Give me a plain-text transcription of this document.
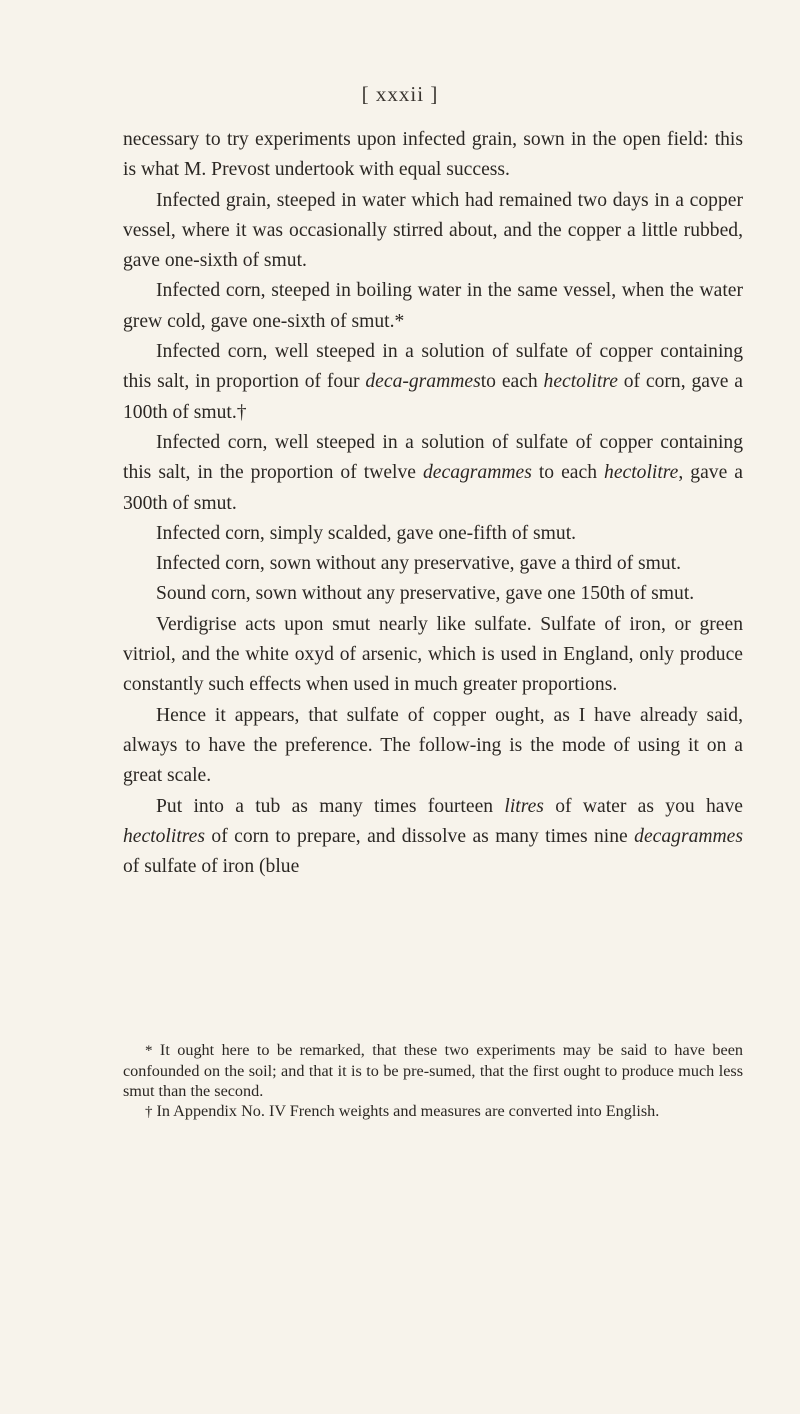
[ xxxii ]

necessary to try experiments upon infected grain, sown in the open field: this is what M. Prevost undertook with equal success.

Infected grain, steeped in water which had remained two days in a copper vessel, where it was occasionally stirred about, and the copper a little rubbed, gave one-sixth of smut.

Infected corn, steeped in boiling water in the same vessel, when the water grew cold, gave one-sixth of smut.*

Infected corn, well steeped in a solution of sulfate of copper containing this salt, in proportion of four deca-grammesto each hectolitre of corn, gave a 100th of smut.†

Infected corn, well steeped in a solution of sulfate of copper containing this salt, in the proportion of twelve decagrammes to each hectolitre, gave a 300th of smut.

Infected corn, simply scalded, gave one-fifth of smut.

Infected corn, sown without any preservative, gave a third of smut.

Sound corn, sown without any preservative, gave one 150th of smut.

Verdigrise acts upon smut nearly like sulfate. Sulfate of iron, or green vitriol, and the white oxyd of arsenic, which is used in England, only produce constantly such effects when used in much greater proportions.

Hence it appears, that sulfate of copper ought, as I have already said, always to have the preference. The follow-ing is the mode of using it on a great scale.

Put into a tub as many times fourteen litres of water as you have hectolitres of corn to prepare, and dissolve as many times nine decagrammes of sulfate of iron (blue

* It ought here to be remarked, that these two experiments may be said to have been confounded on the soil; and that it is to be pre-sumed, that the first ought to produce much less smut than the second.

† In Appendix No. IV French weights and measures are converted into English.
